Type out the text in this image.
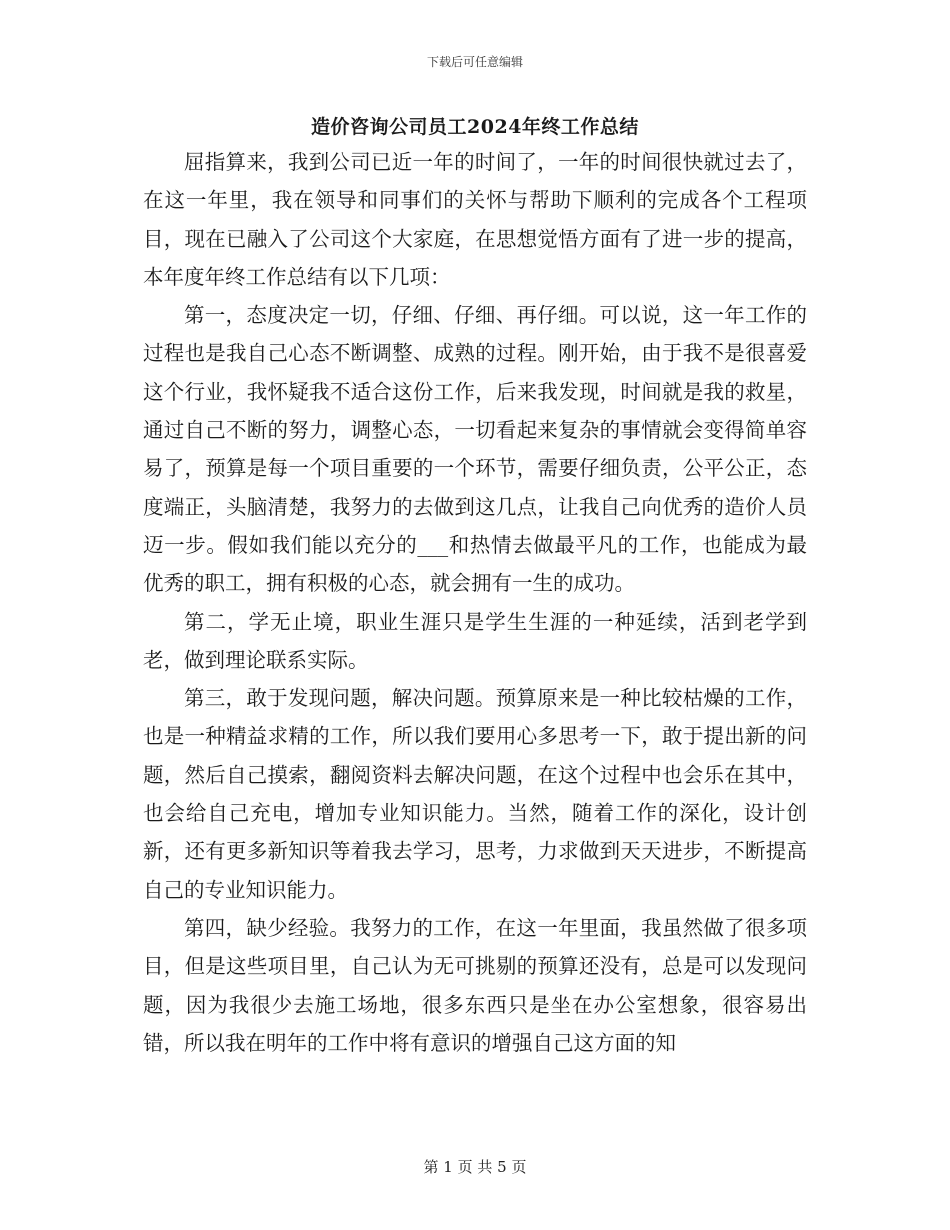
下载后可任意编辑
造价咨询公司员工2024年终工作总结

屈指算来，我到公司已近一年的时间了，一年的时间很快就过去了，在这一年里，我在领导和同事们的关怀与帮助下顺利的完成各个工程项目，现在已融入了公司这个大家庭，在思想觉悟方面有了进一步的提高，本年度年终工作总结有以下几项：

第一，态度决定一切，仔细、仔细、再仔细。可以说，这一年工作的过程也是我自己心态不断调整、成熟的过程。刚开始，由于我不是很喜爱这个行业，我怀疑我不适合这份工作，后来我发现，时间就是我的救星，通过自己不断的努力，调整心态，一切看起来复杂的事情就会变得简单容易了，预算是每一个项目重要的一个环节，需要仔细负责，公平公正，态度端正，头脑清楚，我努力的去做到这几点，让我自己向优秀的造价人员迈一步。假如我们能以充分的___和热情去做最平凡的工作，也能成为最优秀的职工，拥有积极的心态，就会拥有一生的成功。

第二，学无止境，职业生涯只是学生生涯的一种延续，活到老学到老，做到理论联系实际。

第三，敢于发现问题，解决问题。预算原来是一种比较枯燥的工作，也是一种精益求精的工作，所以我们要用心多思考一下，敢于提出新的问题，然后自己摸索，翻阅资料去解决问题，在这个过程中也会乐在其中，也会给自己充电，增加专业知识能力。当然，随着工作的深化，设计创新，还有更多新知识等着我去学习，思考，力求做到天天进步，不断提高自己的专业知识能力。

第四，缺少经验。我努力的工作，在这一年里面，我虽然做了很多项目，但是这些项目里，自己认为无可挑剔的预算还没有，总是可以发现问题，因为我很少去施工场地，很多东西只是坐在办公室想象，很容易出错，所以我在明年的工作中将有意识的增强自己这方面的知

第 1 页 共 5 页
